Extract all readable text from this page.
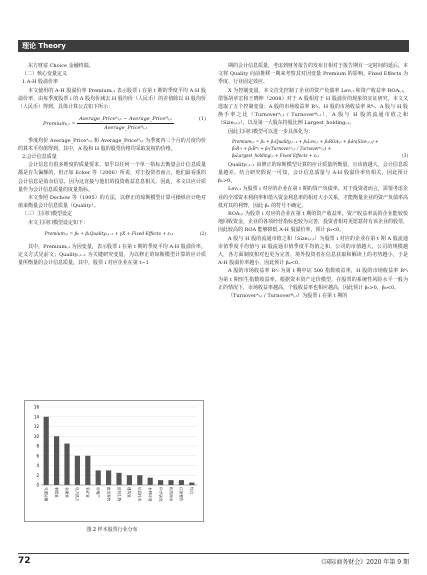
理论 Theory

东方财富 Choice 金融终端。

（二）核心变量定义

1.A-H 股溢价率

本文使用的 A-H 股溢价率 Premiumᵢ,ₜ 表示股票 i 在第 t 期的季度平均 A-H 股溢价率，由每季度股票 i 的 A 股均价减去 H 股均价（人民币）的差值除以 H 股均价（人民币）得到，具体计算公式如下所示：

Premiumᵢ,ₜ = $\frac{\text{Average\_Priceᴬᵢ,ₜ − Average\_Priceᴴᵢ,ₜ}}{\text{Average\_Priceᴴᵢ,ₜ}}$	(1)

季度均价 Average_Priceᴬᵢ,ₜ 和 Average_Priceᴴᵢ,ₜ 为季度内三个月的月度均价的算术平均值得到，其中，A 股和 H 股的股票价格均采取复权的价格。

2.会计信息质量

会计信息有很多维度的质量要求，似乎以任何一个单一指标去衡量会计信息质量都是有失偏颇的，但正如 Ecker 等（2006）所说，对于投资者而言，他们最看重的会计信息是盈余信息，因为这直接与他们的投资收益息息相关。因此，本文以应计质量作为会计信息质量的度量指标。

本文参照 Dechow 等（1995）的方法，以修正的琼斯模型计算可操纵应计绝对值来衡量会计信息质量（Quality）。

（三）主回归模型设定

本文主回归模型设定如下：

Premiumᵢ,ₜ = β₀ + β₁Qualityᵢ,ₜ₋₁ + γX + Fixed Effects + εᵢ,ₜ	(2)

其中，Premiumᵢ,ₜ 为因变量，表示股票 i 在第 t 期的季度平均 A-H 股溢价率，定义方式见前文；Qualityᵢ,ₜ₋₁ 为关键研究变量，为以修正的琼斯模型计算的应计质量所衡量的会计信息质量，其中，股票 i 对应企业在第 t−1

0
2
4
6
8
10
12
14
16
交通运输 制造业 金融业 电力热力 采矿业 房地产 批发零售 医药生物 建筑业 信息技术 水利环境 科学研究 租赁商务 住宿餐饮 综合
图 2 样本股票行业分布

期的会计信息质量，考虑到财务报告的发布日相对于报告期有一定时间的延后，本文将 Quality 向前推移一期来考察其对因变量 Premium 的影响。Fixed Effects 为季度、行业固定效应。

X 为控制变量。本文首先控制了企业的资产负债率 Levᵢ,ₜ 和资产收益率 ROAᵢ,ₜ，借鉴胡章宏和王晓坤（2008）对于 A 股相对于 H 股溢价的现象的实证研究，本文又选取了五个控制变量：A 股的市场收益率 Rᴬₜ、H 股的市场收益率 Rᴴₜ、A 股与 H 股换手率之比（Turnoverᴬᵢ,ₜ / Turnoverᴴᵢ,ₜ），A 股与 H 股的流通市值之和（Sizeᵢ,ₜ,ₜ），以及第一大股东持股比例 Largest_holdingᵢ,ₜ。

因此主回归模型可以进一步具体化为：

Premiumᵢ,ₜ = β₀ + β₁Qualityᵢ,ₜ₋₁ + β₂Levᵢ,ₜ + β₃ROAᵢ,ₜ + β₄ln(Sizeᵢ,ₜ,ₜ) +
β₅Rᴬₜ + β₆Rᴴₜ + β₇(Turnoverᴬᵢ,ₜ / Turnoverᴴᵢ,ₜ) +
β₈Largest_holdingᵢ,ₜ + Fixed Effects + εᵢ,ₜ	(3)

Qualityᵢ,ₜ₋₁ 由修正的琼斯模型计算的应计质量所衡量，且该值越大，会计信息质量越差。结合研究假说一可知，会计信息质量与 A-H 股溢价率负相关，因此预计 β₁>0。

Levᵢ,ₜ 为股票 i 对应的企业在第 t 期的资产负债率。对于投资者而言，需要考虑企业的全部资本利润率和借入资金利息率的相对大小关系，才能衡量企业的资产负债率高低对其的利弊，因此 β₂ 的符号不确定。

ROAᵢ,ₜ 为股票 i 对应的企业在第 t 期的资产收益率。资产收益率高的企业能较快地回收资金，企业的各项经营指标也较为完善，投资者相对更愿意持有该企业的股票，因此较高的 ROA 能够降低 A-H 股溢价率，预计 β₃<0。

A 股与 H 股的流通市值之和（Sizeᵢ,ₜ,ₜ）为股票 i 对应的企业在第 t 期 A 股流通市值季度平均值与 H 股流通市值季度平均值之和。公司的市值越大，公司的规模越大，各方面制度相对也更为完善，境外投资者在信息获取和解读上的劣势越小，于是 A-H 股溢价率越小，因此预计 β₄<0。

A 股的市场收益率 Rᴬₜ 为第 t 期中证 500 指数收益率，H 股的市场收益率 Rᴴₜ 为第 t 期恒生指数收益率。根据资本资产定价模型，在股票的系统性风险水平一般为正的情况下，市场收益率越高，个股收益率也相应越高，因此预计 β₅>0，β₆<0。

（Turnoverᴬᵢ,ₜ / Turnoverᴴᵢ,ₜ）为股票 i 在第 t 期的

72	《国际商务财会》2020 年第 9 期
